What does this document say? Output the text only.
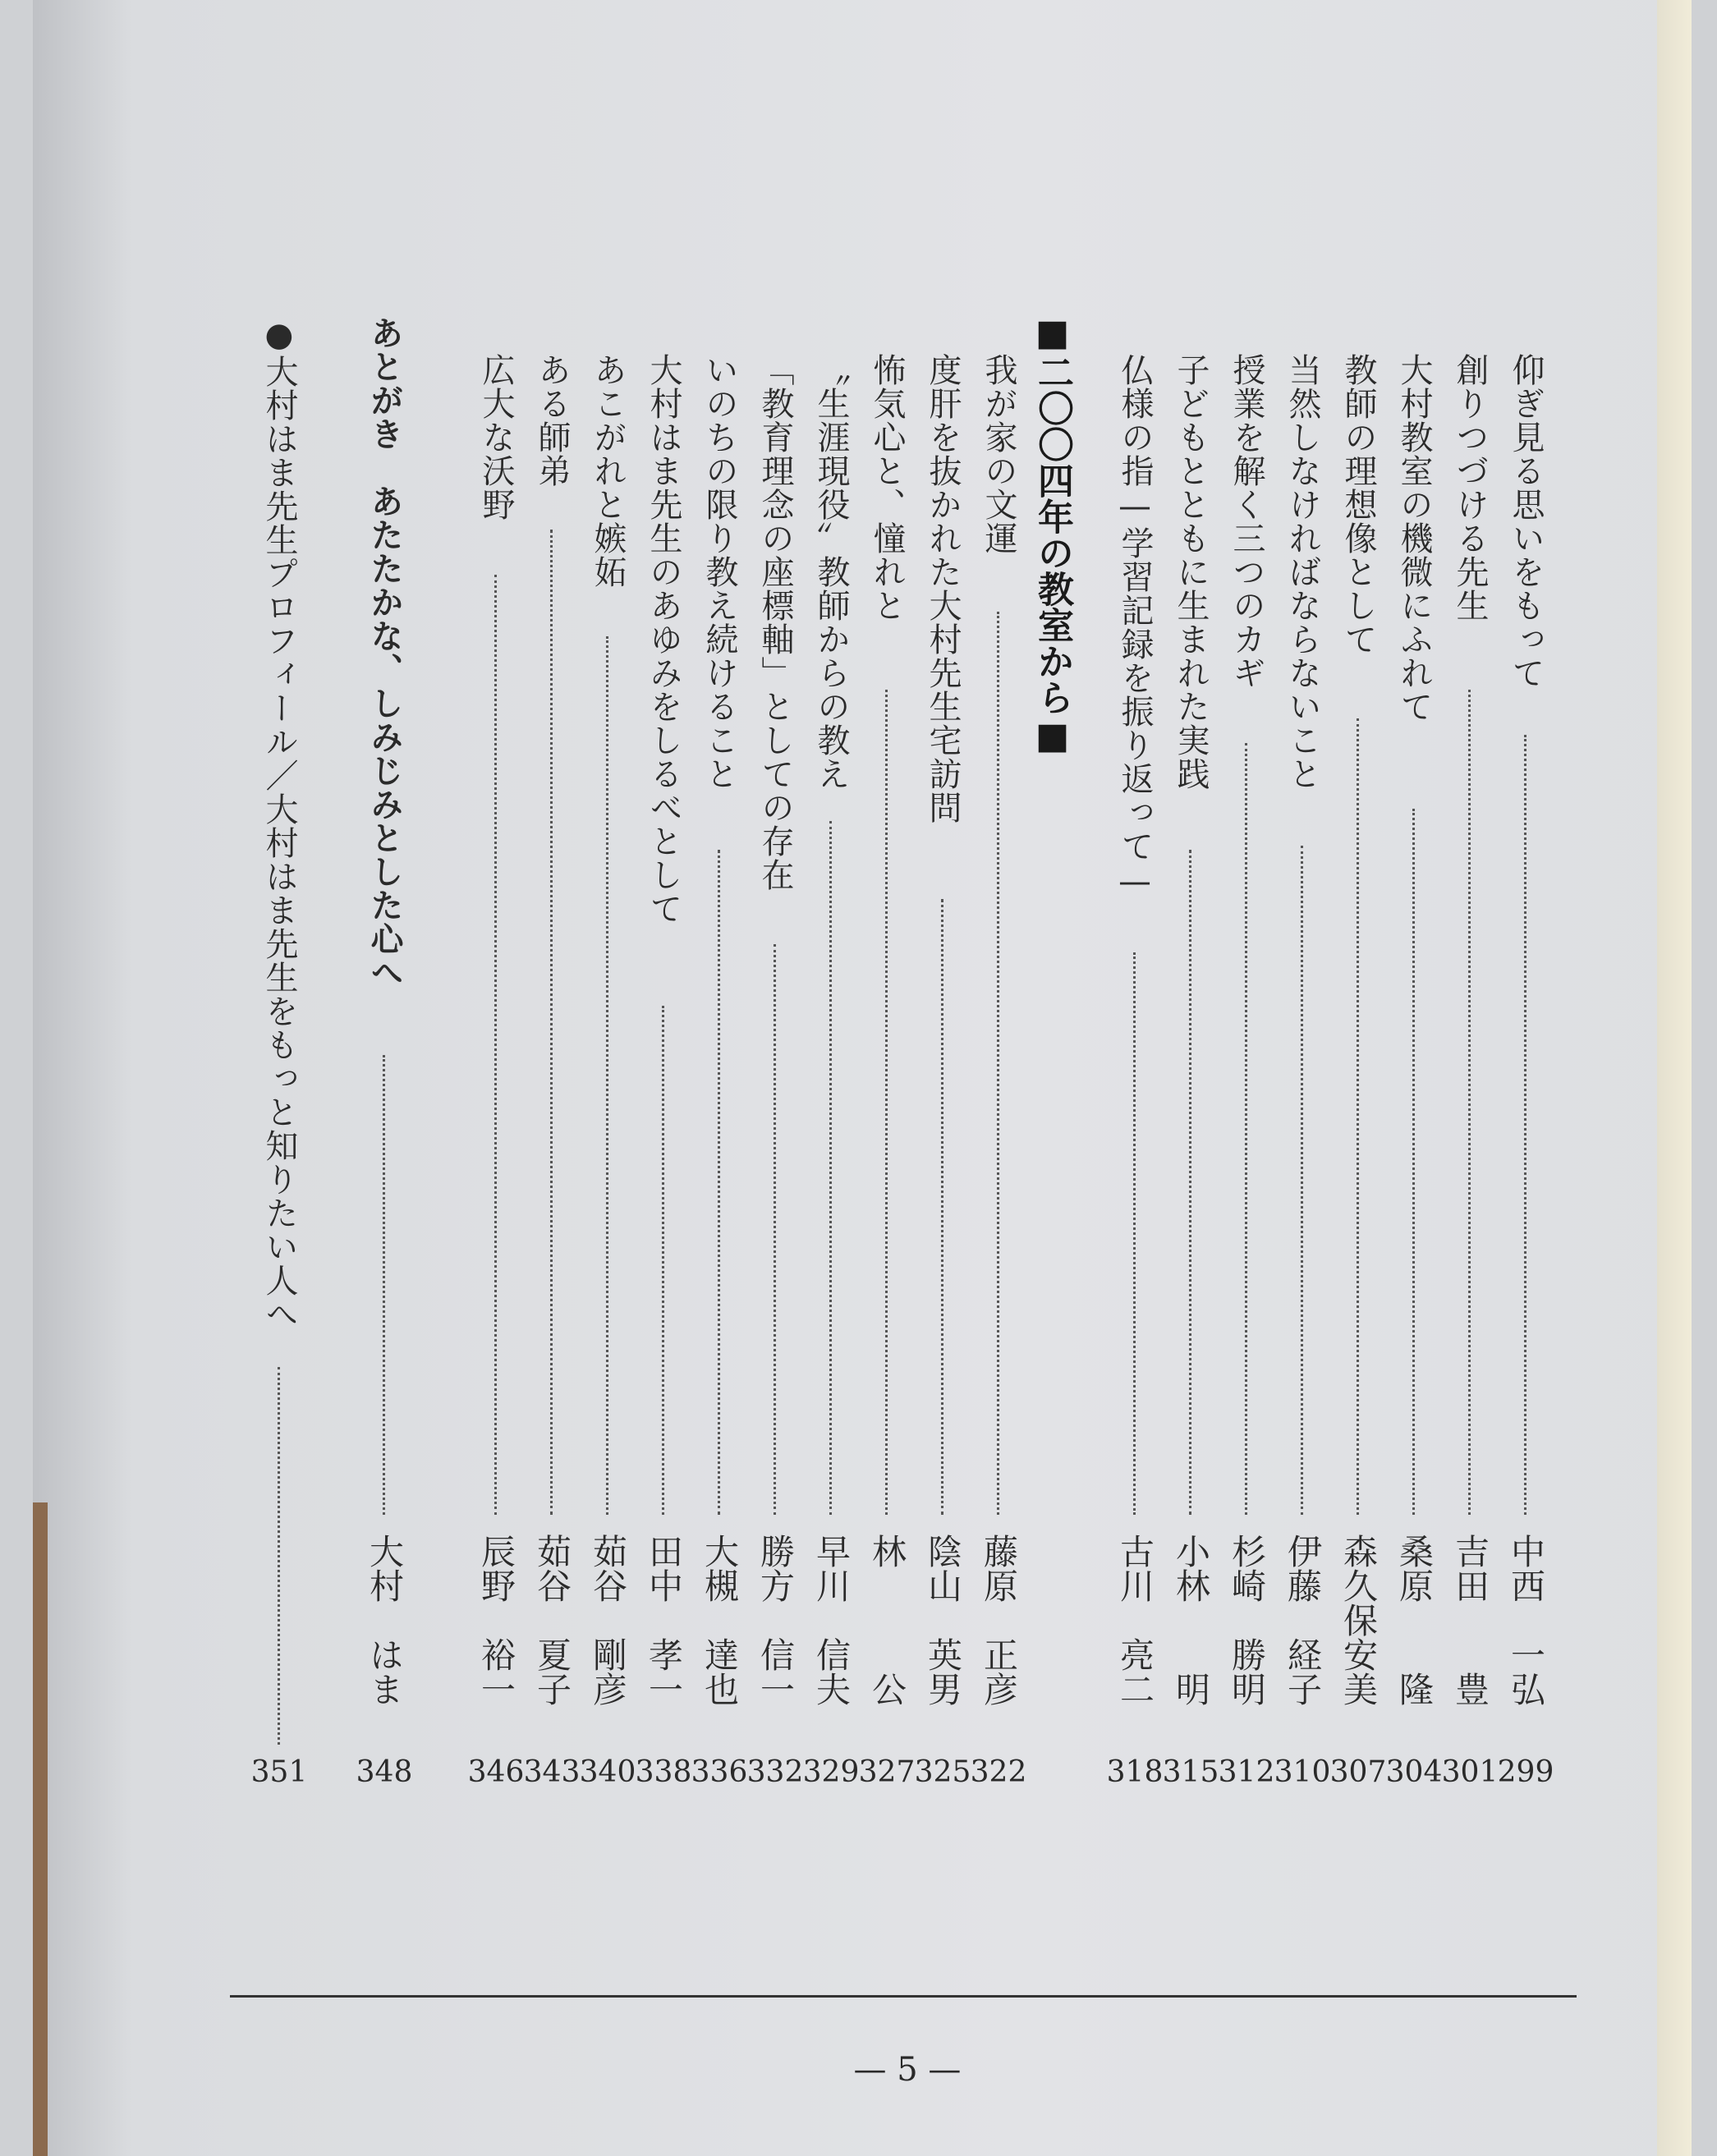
仰ぎ見る思いをもって
中西　一弘
299
創りつづける先生
吉田　　豊
301
大村教室の機微にふれて
桑原　　隆
304
教師の理想像として
森久保安美
307
当然しなければならないこと
伊藤　経子
310
授業を解く三つのカギ
杉崎　勝明
312
子どもとともに生まれた実践
小林　　明
315
仏様の指—学習記録を振り返って—
古川　亮二
318
■二〇〇四年の教室から■
我が家の文運
藤原　正彦
322
度肝を抜かれた大村先生宅訪問
陰山　英男
325
怖気心と、憧れと
林　　　公
327
〝生涯現役〟教師からの教え
早川　信夫
329
「教育理念の座標軸」としての存在
勝方　信一
332
いのちの限り教え続けること
大槻　達也
336
大村はま先生のあゆみをしるべとして
田中　孝一
338
あこがれと嫉妬
茹谷　剛彦
340
ある師弟
茹谷　夏子
343
広大な沃野
辰野　裕一
346
あとがき　あたたかな、しみじみとした心へ
大村　はま
348
●大村はま先生プロフィール／大村はま先生をもっと知りたい人へ
351
— 5 —
